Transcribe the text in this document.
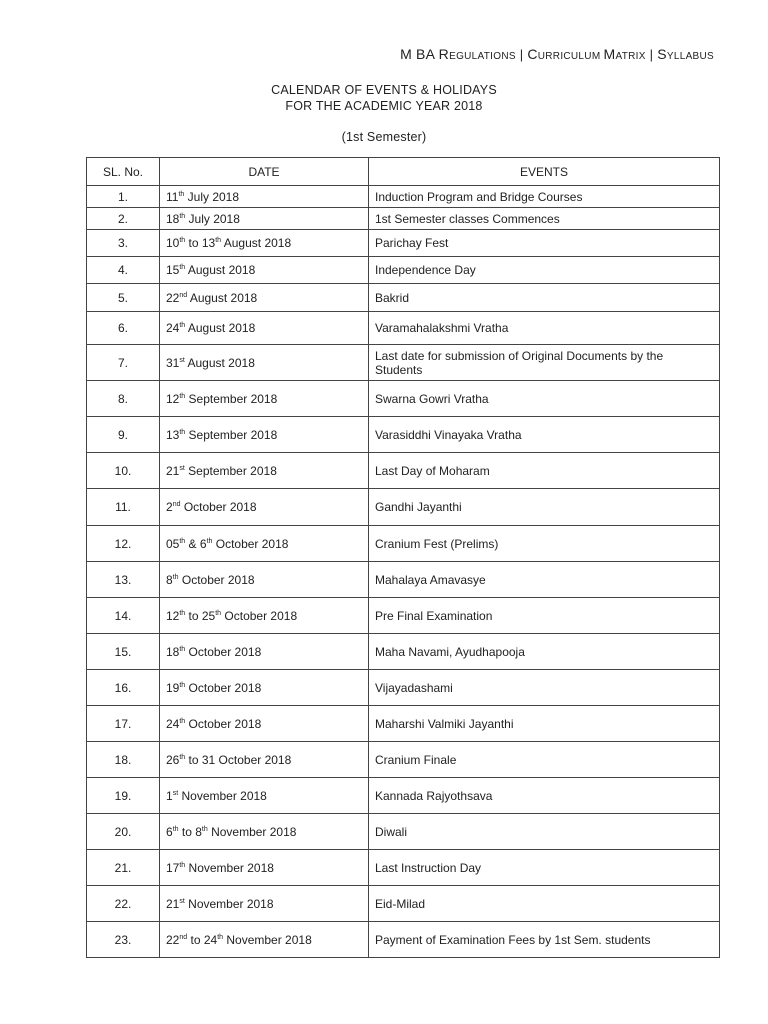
M BA REGULATIONS | CURRICULUM MATRIX | SYLLABUS
CALENDAR OF EVENTS & HOLIDAYS
FOR THE ACADEMIC YEAR 2018
(1st Semester)
SL. No.	DATE	EVENTS
1.	11th July 2018	Induction Program and Bridge Courses
2.	18th July 2018	1st Semester classes Commences
3.	10th to 13th August 2018	Parichay Fest
4.	15th August 2018	Independence Day
5.	22nd August 2018	Bakrid
6.	24th August 2018	Varamahalakshmi Vratha
7.	31st August 2018	Last date for submission of Original Documents by the Students
8.	12th September 2018	Swarna Gowri Vratha
9.	13th September 2018	Varasiddhi Vinayaka Vratha
10.	21st September 2018	Last Day of Moharam
11.	2nd October 2018	Gandhi Jayanthi
12.	05th & 6th October 2018	Cranium Fest (Prelims)
13.	8th October 2018	Mahalaya Amavasye
14.	12th to 25th October 2018	Pre Final Examination
15.	18th October 2018	Maha Navami, Ayudhapooja
16.	19th October 2018	Vijayadashami
17.	24th October 2018	Maharshi Valmiki Jayanthi
18.	26th to 31 October 2018	Cranium Finale
19.	1st November 2018	Kannada Rajyothsava
20.	6th to 8th November 2018	Diwali
21.	17th November 2018	Last Instruction Day
22.	21st November 2018	Eid-Milad
23.	22nd to 24th November 2018	Payment of Examination Fees by 1st Sem. students
